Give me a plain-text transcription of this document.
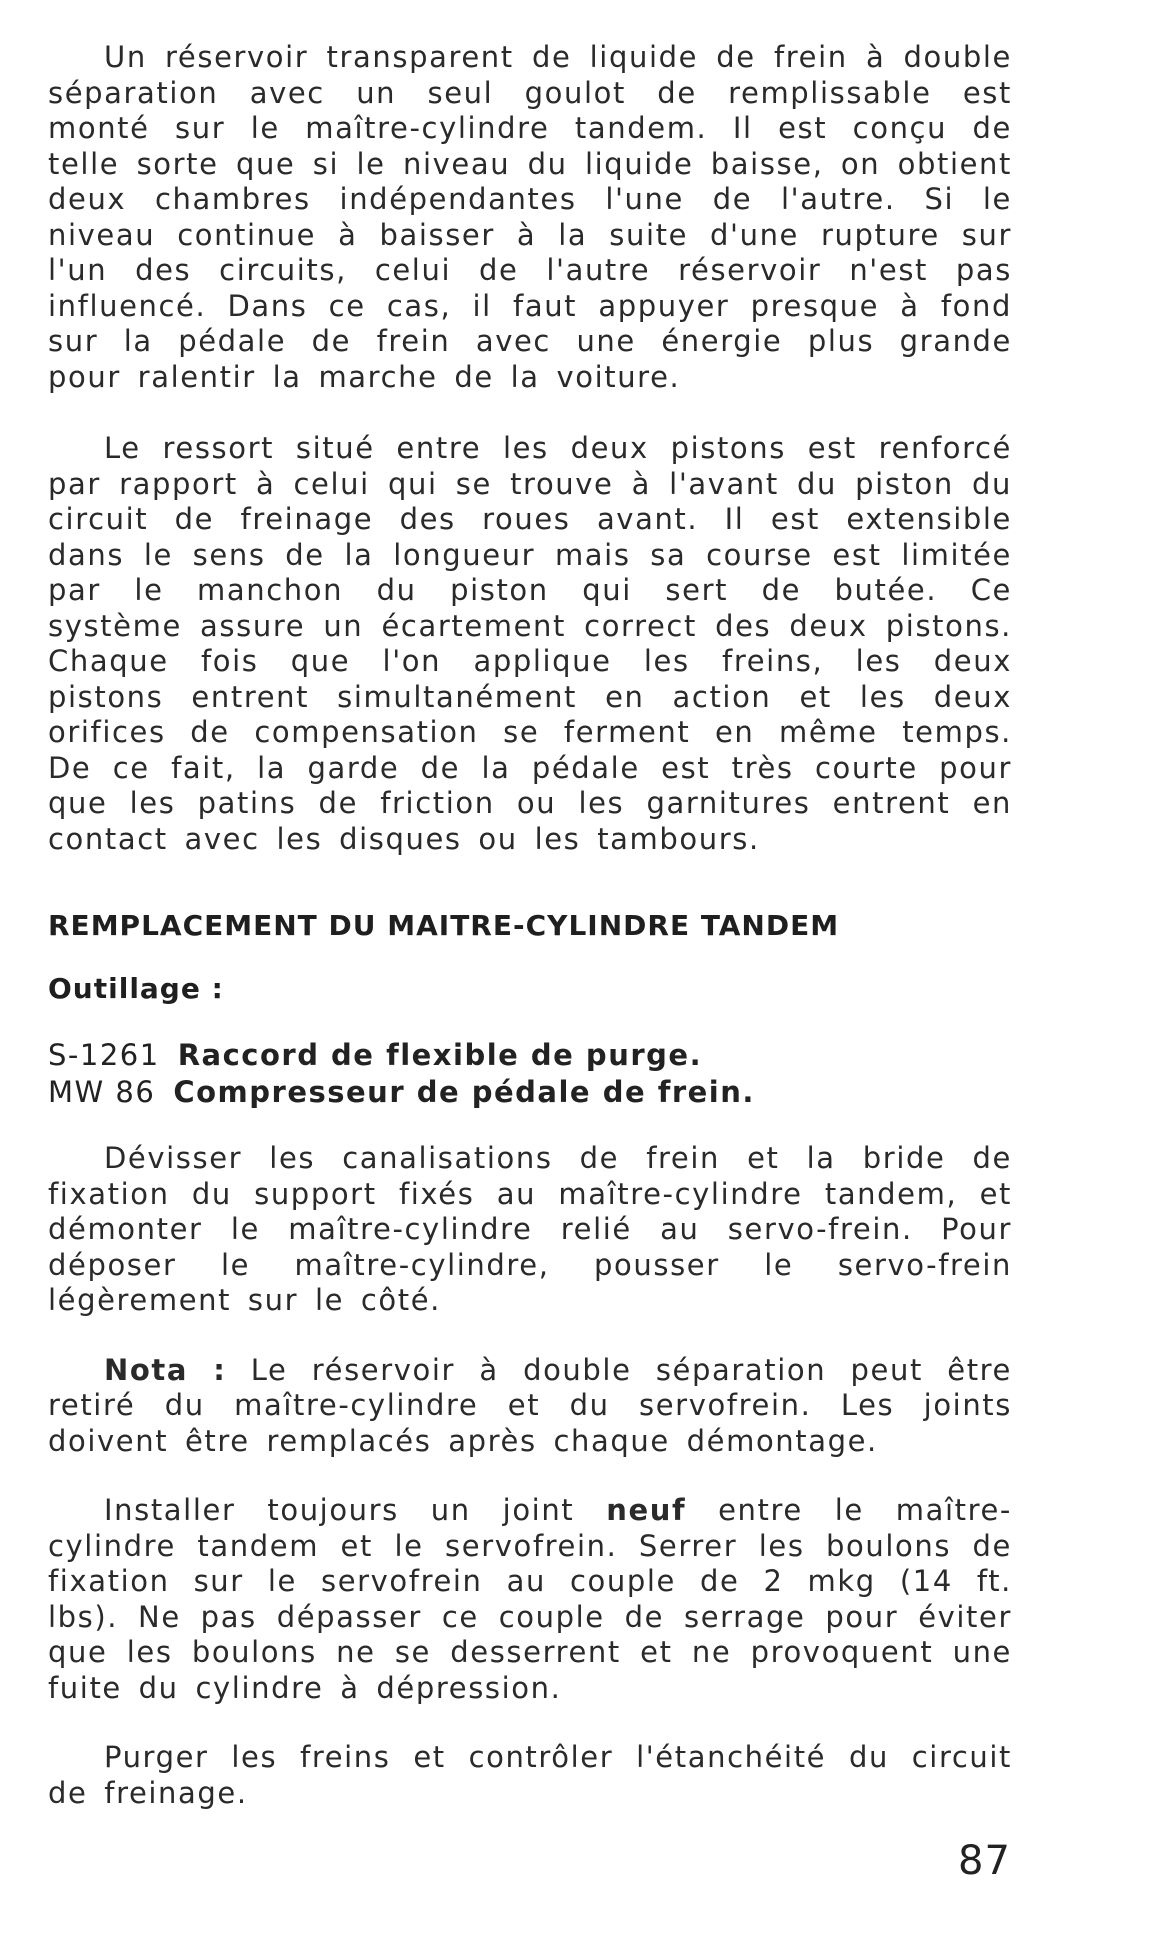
Un réservoir transparent de liquide de frein à double séparation avec un seul goulot de remplissable est monté sur le maître-cylindre tandem. Il est conçu de telle sorte que si le niveau du liquide baisse, on obtient deux chambres indépendantes l'une de l'autre. Si le niveau continue à baisser à la suite d'une rupture sur l'un des circuits, celui de l'autre réservoir n'est pas influencé. Dans ce cas, il faut appuyer presque à fond sur la pédale de frein avec une énergie plus grande pour ralentir la marche de la voiture.

Le ressort situé entre les deux pistons est renforcé par rapport à celui qui se trouve à l'avant du piston du circuit de freinage des roues avant. Il est extensible dans le sens de la longueur mais sa course est limitée par le manchon du piston qui sert de butée. Ce système assure un écartement correct des deux pistons. Chaque fois que l'on applique les freins, les deux pistons entrent simultanément en action et les deux orifices de compensation se ferment en même temps. De ce fait, la garde de la pédale est très courte pour que les patins de friction ou les garnitures entrent en contact avec les disques ou les tambours.

REMPLACEMENT DU MAITRE-CYLINDRE TANDEM
Outillage :
S-1261 Raccord de flexible de purge.
MW 86 Compresseur de pédale de frein.

Dévisser les canalisations de frein et la bride de fixation du support fixés au maître-cylindre tandem, et démonter le maître-cylindre relié au servo-frein. Pour déposer le maître-cylindre, pousser le servo-frein légèrement sur le côté.

Nota : Le réservoir à double séparation peut être retiré du maître-cylindre et du servofrein. Les joints doivent être remplacés après chaque démontage.

Installer toujours un joint neuf entre le maître-cylindre tandem et le servofrein. Serrer les boulons de fixation sur le servofrein au couple de 2 mkg (14 ft. lbs). Ne pas dépasser ce couple de serrage pour éviter que les boulons ne se desserrent et ne provoquent une fuite du cylindre à dépression.

Purger les freins et contrôler l'étanchéité du circuit de freinage.

87
